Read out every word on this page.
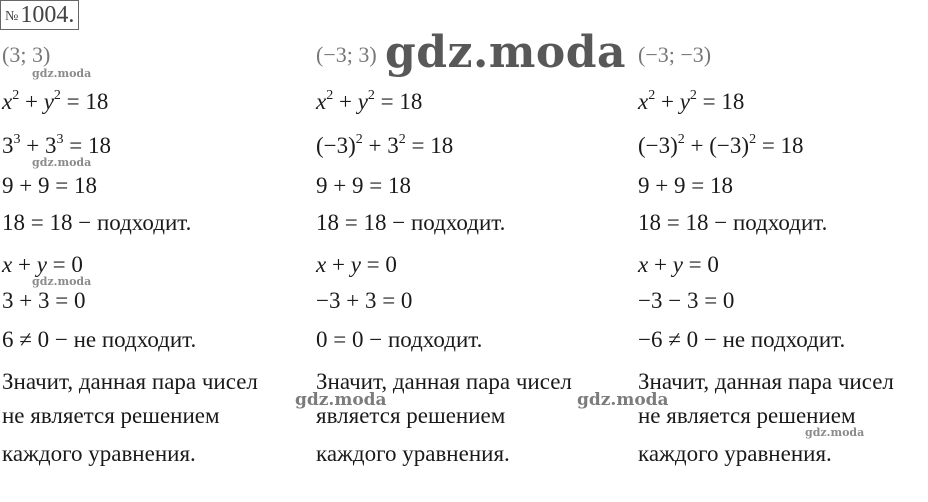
№1004.
(3; 3)
$x^2 + y^2 = 18$
$3^3 + 3^3 = 18$
9 + 9 = 18
18 = 18 − подходит.
x + y = 0
3 + 3 = 0
6 ≠ 0 − не подходит.
Значит, данная пара чисел
не является решением
каждого уравнения.
(−3; 3)
$x^2 + y^2 = 18$
$(-3)^2 + 3^2 = 18$
9 + 9 = 18
18 = 18 − подходит.
x + y = 0
−3 + 3 = 0
0 = 0 − подходит.
Значит, данная пара чисел
является решением
каждого уравнения.
(−3; −3)
$x^2 + y^2 = 18$
$(-3)^2 + (-3)^2 = 18$
9 + 9 = 18
18 = 18 − подходит.
x + y = 0
−3 − 3 = 0
−6 ≠ 0 − не подходит.
Значит, данная пара чисел
не является решением
каждого уравнения.
gdz.moda
gdz.moda
gdz.moda
gdz.moda
gdz.moda	gdz.moda
gdz.moda
